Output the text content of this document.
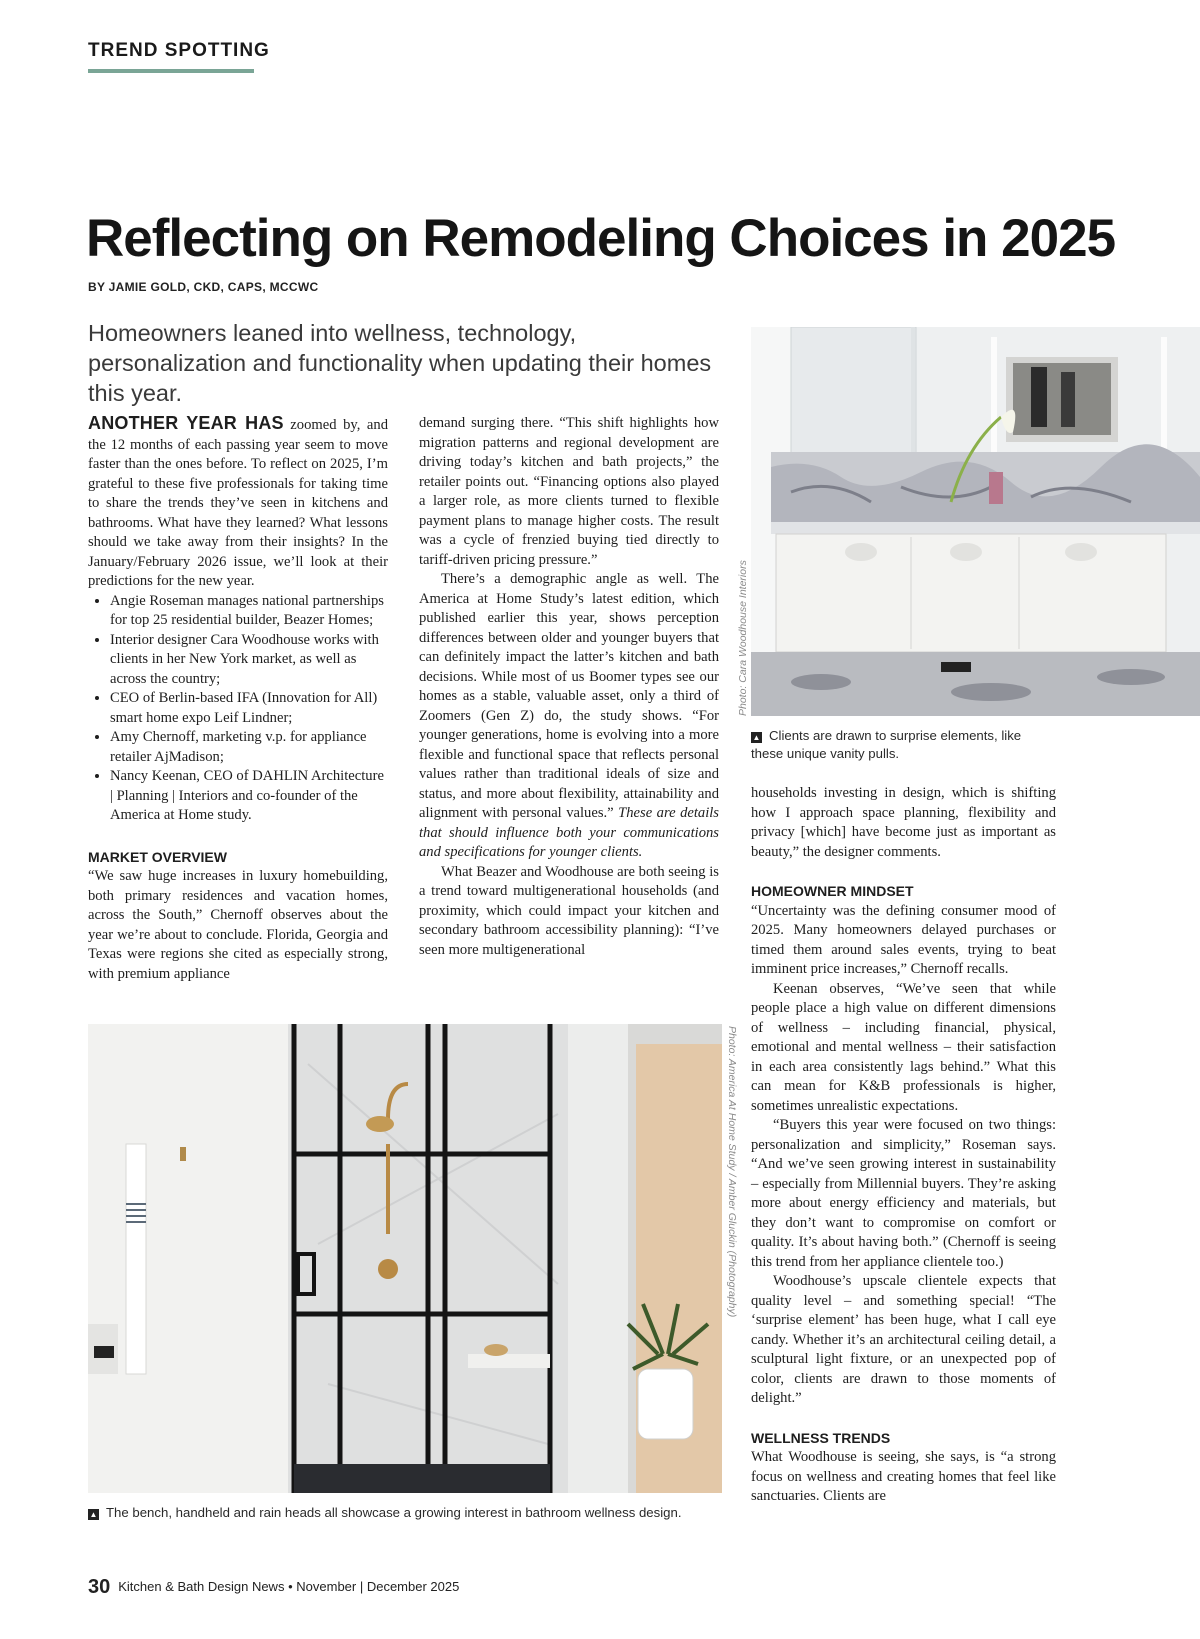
TREND SPOTTING
Reflecting on Remodeling Choices in 2025
BY JAMIE GOLD, CKD, CAPS, MCCWC
Homeowners leaned into wellness, technology, personalization and functionality when updating their homes this year.

ANOTHER YEAR HAS zoomed by, and the 12 months of each passing year seem to move faster than the ones before. To reflect on 2025, I’m grateful to these five professionals for taking time to share the trends they’ve seen in kitchens and bathrooms. What have they learned? What lessons should we take away from their insights? In the January/February 2026 issue, we’ll look at their predictions for the new year.

• Angie Roseman manages national partnerships for top 25 residential builder, Beazer Homes;
• Interior designer Cara Woodhouse works with clients in her New York market, as well as across the country;
• CEO of Berlin-based IFA (Innovation for All) smart home expo Leif Lindner;
• Amy Chernoff, marketing v.p. for appliance retailer AjMadison;
• Nancy Keenan, CEO of DAHLIN Architecture | Planning | Interiors and co-founder of the America at Home study.
MARKET OVERVIEW

“We saw huge increases in luxury homebuilding, both primary residences and vacation homes, across the South,” Chernoff observes about the year we’re about to conclude. Florida, Georgia and Texas were regions she cited as especially strong, with premium appliance

demand surging there. “This shift highlights how migration patterns and regional development are driving today’s kitchen and bath projects,” the retailer points out. “Financing options also played a larger role, as more clients turned to flexible payment plans to manage higher costs. The result was a cycle of frenzied buying tied directly to tariff-driven pricing pressure.”

There’s a demographic angle as well. The America at Home Study’s latest edition, which published earlier this year, shows perception differences between older and younger buyers that can definitely impact the latter’s kitchen and bath decisions. While most of us Boomer types see our homes as a stable, valuable asset, only a third of Zoomers (Gen Z) do, the study shows. “For younger generations, home is evolving into a more flexible and functional space that reflects personal values rather than traditional ideals of size and status, and more about flexibility, attainability and alignment with personal values.” These are details that should influence both your communications and specifications for younger clients.

What Beazer and Woodhouse are both seeing is a trend toward multigenerational households (and proximity, which could impact your kitchen and secondary bathroom accessibility planning): “I’ve seen more multigenerational

Photo: Cara Woodhouse Interiors
▲ Clients are drawn to surprise elements, like these unique vanity pulls.

households investing in design, which is shifting how I approach space planning, flexibility and privacy [which] have become just as important as beauty,” the designer comments.

HOMEOWNER MINDSET

“Uncertainty was the defining consumer mood of 2025. Many homeowners delayed purchases or timed them around sales events, trying to beat imminent price increases,” Chernoff recalls.

Keenan observes, “We’ve seen that while people place a high value on different dimensions of wellness – including financial, physical, emotional and mental wellness – their satisfaction in each area consistently lags behind.” What this can mean for K&B professionals is higher, sometimes unrealistic expectations.

“Buyers this year were focused on two things: personalization and simplicity,” Roseman says. “And we’ve seen growing interest in sustainability – especially from Millennial buyers. They’re asking more about energy efficiency and materials, but they don’t want to compromise on comfort or quality. It’s about having both.” (Chernoff is seeing this trend from her appliance clientele too.)

Woodhouse’s upscale clientele expects that quality level – and something special! “The ‘surprise element’ has been huge, what I call eye candy. Whether it’s an architectural ceiling detail, a sculptural light fixture, or an unexpected pop of color, clients are drawn to those moments of delight.”

WELLNESS TRENDS

What Woodhouse is seeing, she says, is “a strong focus on wellness and creating homes that feel like sanctuaries. Clients are

Photo: America At Home Study / Amber Gluckin (Photography)
▲ The bench, handheld and rain heads all showcase a growing interest in bathroom wellness design.
30 Kitchen & Bath Design News • November | December 2025
